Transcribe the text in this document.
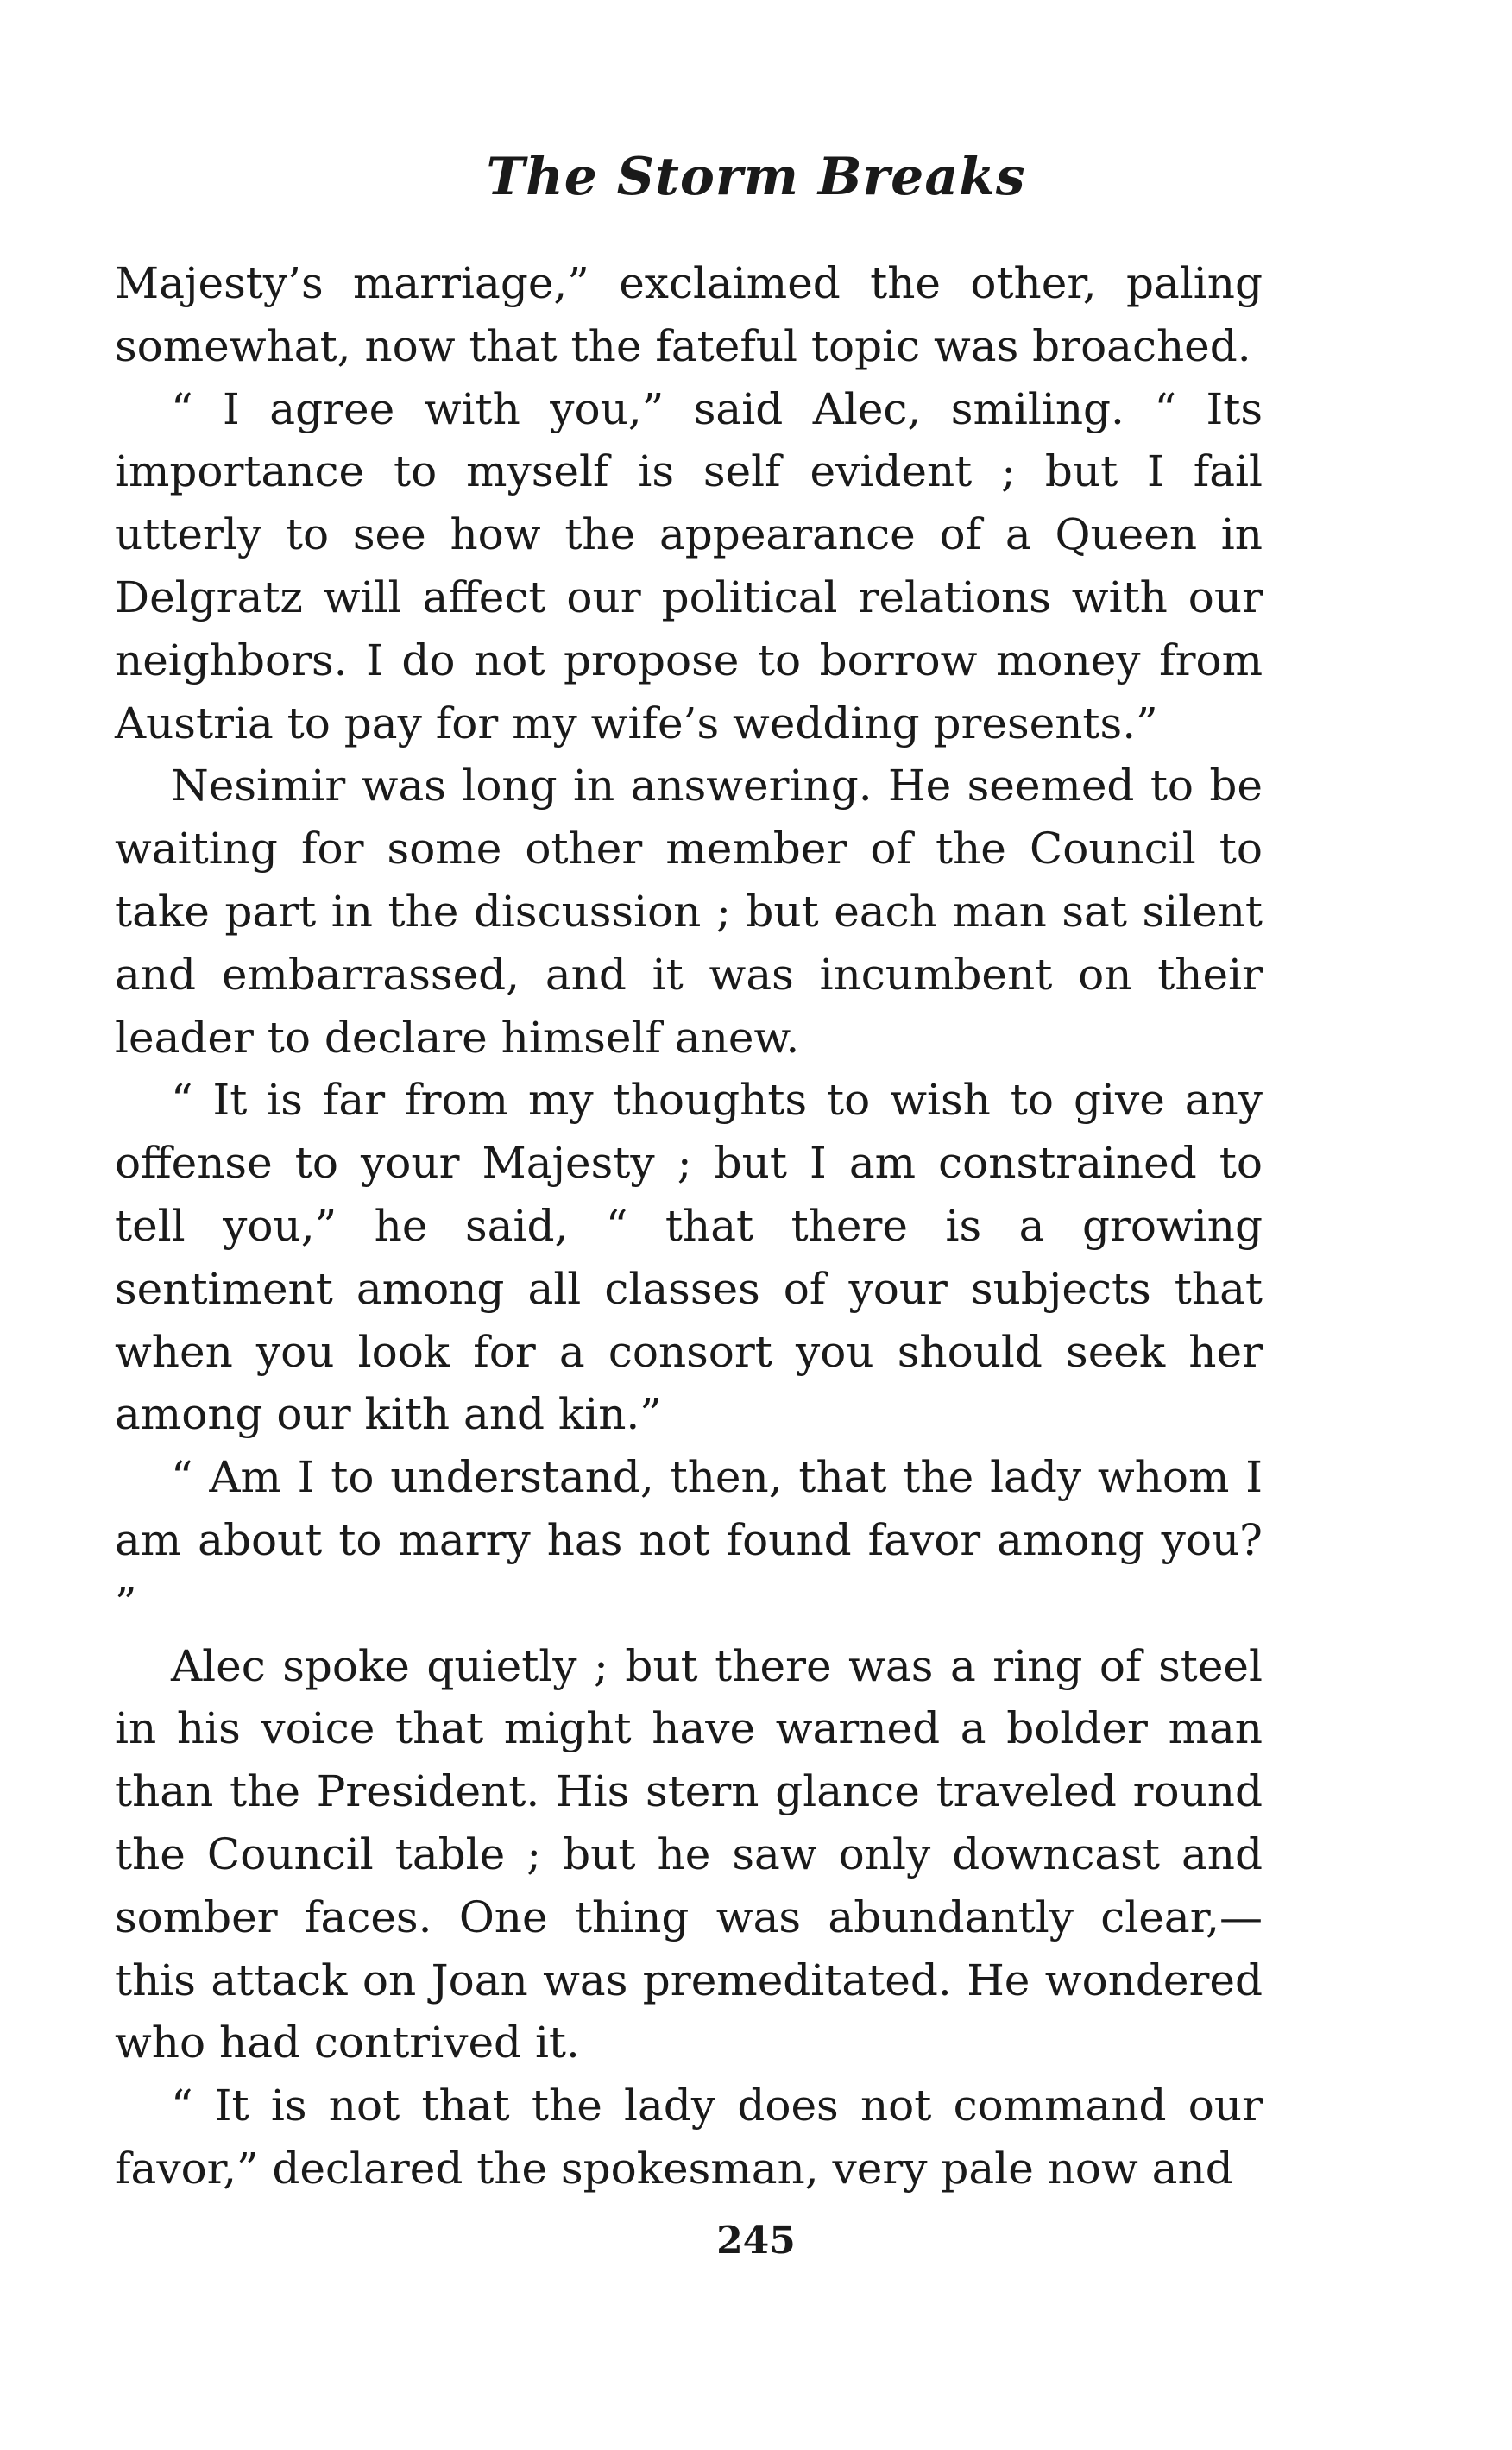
The Storm Breaks

Majesty’s marriage,” exclaimed the other, paling somewhat, now that the fateful topic was broached.

“ I agree with you,” said Alec, smiling. “ Its importance to myself is self evident ; but I fail utterly to see how the appearance of a Queen in Delgratz will affect our political relations with our neighbors. I do not propose to borrow money from Austria to pay for my wife’s wedding presents.”

Nesimir was long in answering. He seemed to be waiting for some other member of the Council to take part in the discussion ; but each man sat silent and embarrassed, and it was incumbent on their leader to declare himself anew.

“ It is far from my thoughts to wish to give any offense to your Majesty ; but I am constrained to tell you,” he said, “ that there is a growing sentiment among all classes of your subjects that when you look for a consort you should seek her among our kith and kin.”

“ Am I to understand, then, that the lady whom I am about to marry has not found favor among you? ”

Alec spoke quietly ; but there was a ring of steel in his voice that might have warned a bolder man than the President. His stern glance traveled round the Council table ; but he saw only downcast and somber faces. One thing was abundantly clear,—this attack on Joan was premeditated. He wondered who had contrived it.

“ It is not that the lady does not command our favor,” declared the spokesman, very pale now and

245
